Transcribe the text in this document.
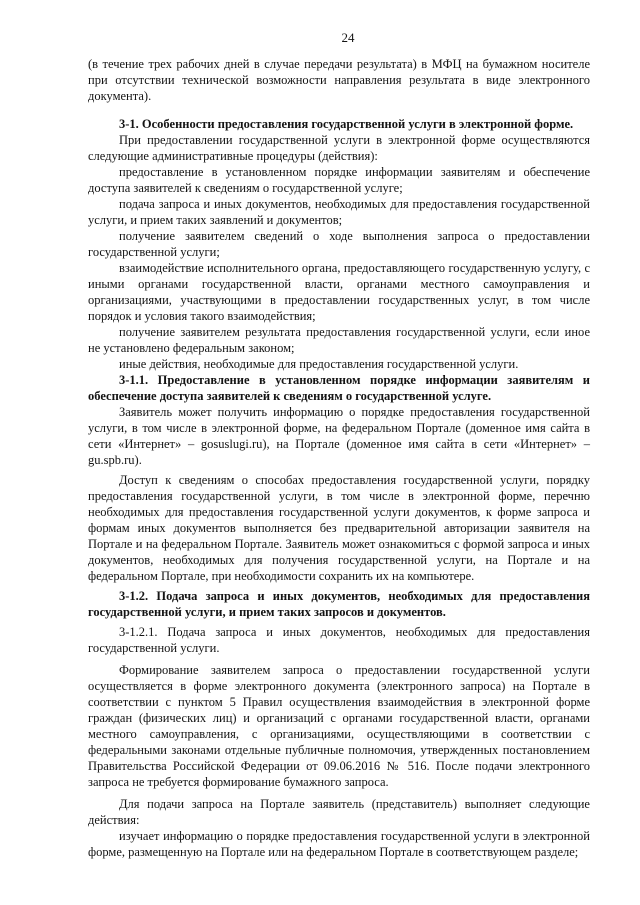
24

(в течение трех рабочих дней в случае передачи результата) в МФЦ на бумажном носителе при отсутствии технической возможности направления результата в виде электронного документа).

3-1. Особенности предоставления государственной услуги в электронной форме.

При предоставлении государственной услуги в электронной форме осуществляются следующие административные процедуры (действия):

предоставление в установленном порядке информации заявителям и обеспечение доступа заявителей к сведениям о государственной услуге;

подача запроса и иных документов, необходимых для предоставления государственной услуги, и прием таких заявлений и документов;

получение заявителем сведений о ходе выполнения запроса о предоставлении государственной услуги;

взаимодействие исполнительного органа, предоставляющего государственную услугу, с иными органами государственной власти, органами местного самоуправления и организациями, участвующими в предоставлении государственных услуг, в том числе порядок и условия такого взаимодействия;

получение заявителем результата предоставления государственной услуги, если иное не установлено федеральным законом;

иные действия, необходимые для предоставления государственной услуги.

3-1.1. Предоставление в установленном порядке информации заявителям и обеспечение доступа заявителей к сведениям о государственной услуге.

Заявитель может получить информацию о порядке предоставления государственной услуги, в том числе в электронной форме, на федеральном Портале (доменное имя сайта в сети «Интернет» – gosuslugi.ru), на Портале (доменное имя сайта в сети «Интернет» – gu.spb.ru).

Доступ к сведениям о способах предоставления государственной услуги, порядку предоставления государственной услуги, в том числе в электронной форме, перечню необходимых для предоставления государственной услуги документов, к форме запроса и формам иных документов выполняется без предварительной авторизации заявителя на Портале и на федеральном Портале. Заявитель может ознакомиться с формой запроса и иных документов, необходимых для получения государственной услуги, на Портале и на федеральном Портале, при необходимости сохранить их на компьютере.

3-1.2. Подача запроса и иных документов, необходимых для предоставления государственной услуги, и прием таких запросов и документов.

3-1.2.1. Подача запроса и иных документов, необходимых для предоставления государственной услуги.

Формирование заявителем запроса о предоставлении государственной услуги осуществляется в форме электронного документа (электронного запроса) на Портале в соответствии с пунктом 5 Правил осуществления взаимодействия в электронной форме граждан (физических лиц) и организаций с органами государственной власти, органами местного самоуправления, с организациями, осуществляющими в соответствии с федеральными законами отдельные публичные полномочия, утвержденных постановлением Правительства Российской Федерации от 09.06.2016 № 516. После подачи электронного запроса не требуется формирование бумажного запроса.

Для подачи запроса на Портале заявитель (представитель) выполняет следующие действия:

изучает информацию о порядке предоставления государственной услуги в электронной форме, размещенную на Портале или на федеральном Портале в соответствующем разделе;
